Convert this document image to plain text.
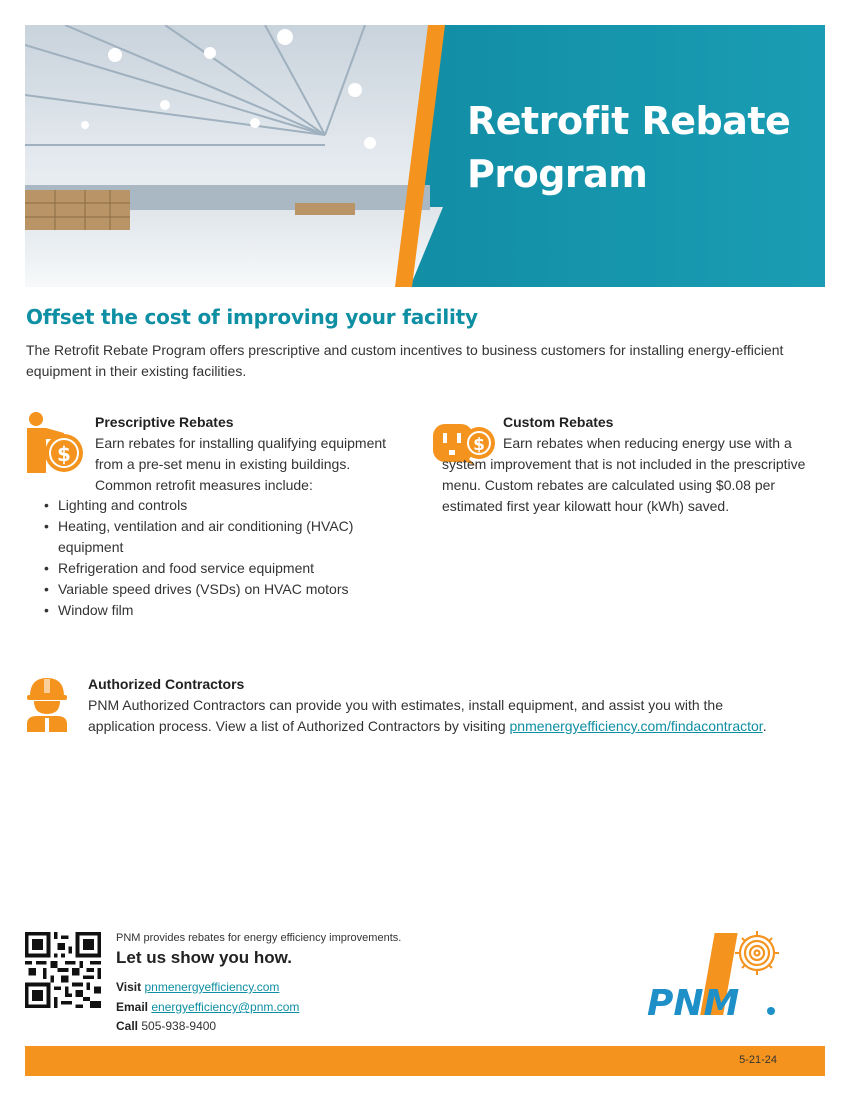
Retrofit Rebate
Program
Offset the cost of improving your facility
The Retrofit Rebate Program offers prescriptive and custom incentives to business customers for installing energy-efficient equipment in their existing facilities.
$
Prescriptive Rebates
Earn rebates for installing qualifying equipment from a pre-set menu in existing buildings. Common retrofit measures include:
• Lighting and controls
• Heating, ventilation and air conditioning (HVAC) equipment
• Refrigeration and food service equipment
• Variable speed drives (VSDs) on HVAC motors
• Window film
$
Custom Rebates
Earn rebates when reducing energy use with a system improvement that is not included in the prescriptive menu. Custom rebates are calculated using $0.08 per estimated first year kilowatt hour (kWh) saved.
Authorized Contractors
PNM Authorized Contractors can provide you with estimates, install equipment, and assist you with the application process. View a list of Authorized Contractors by visiting pnmenergyefficiency.com/findacontractor.
PNM provides rebates for energy efficiency improvements.
Let us show you how.
Visit pnmenergyefficiency.com
Email energyefficiency@pnm.com
Call 505-938-9400
PNM
5-21-24
